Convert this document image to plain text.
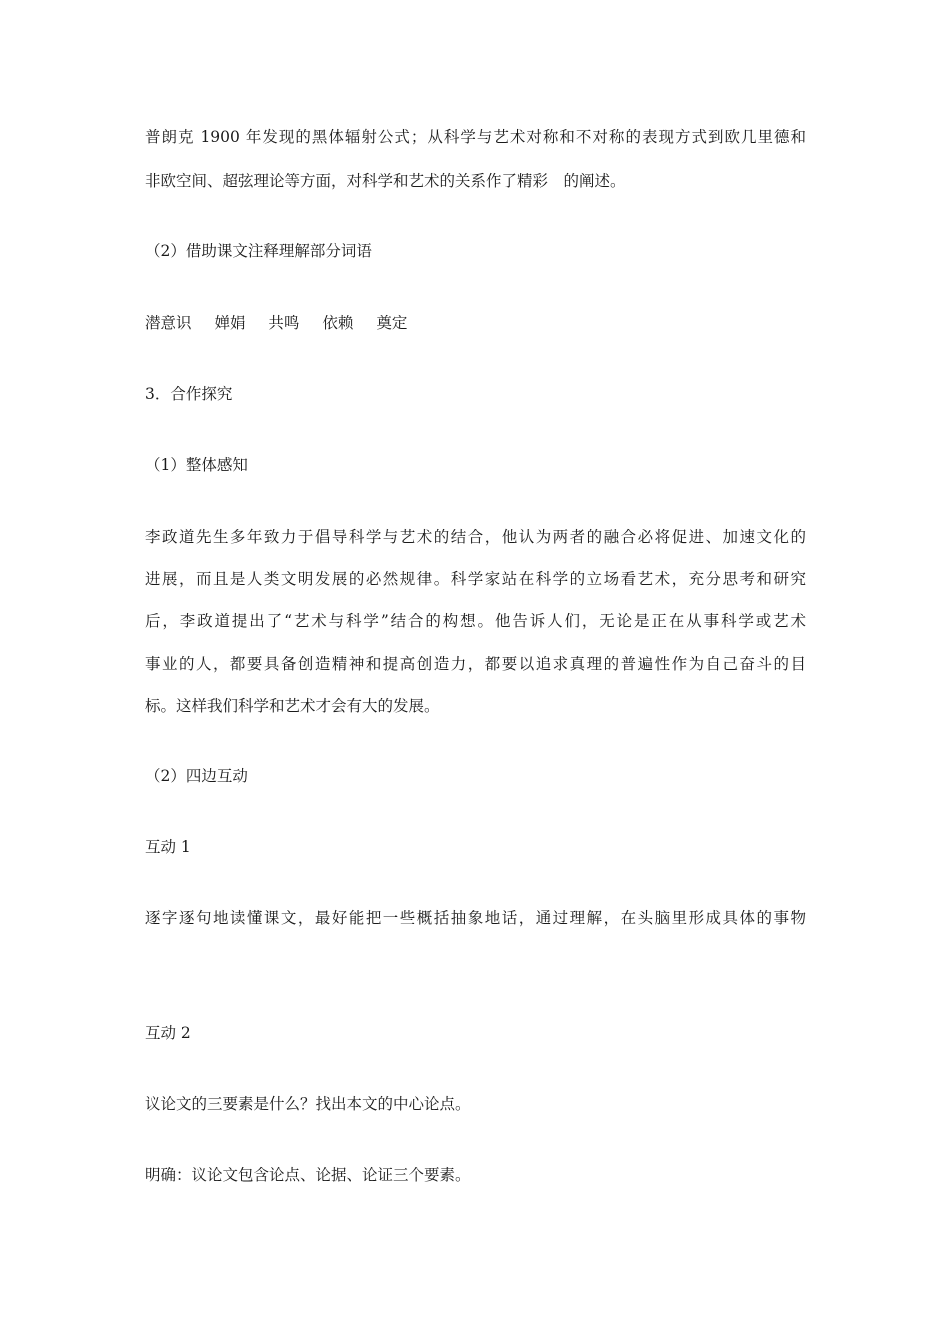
普朗克 1900 年发现的黑体辐射公式；从科学与艺术对称和不对称的表现方式到欧几里德和
非欧空间、超弦理论等方面，对科学和艺术的关系作了精彩　的阐述。
（2）借助课文注释理解部分词语
潜意识 婵娟 共鸣 依赖 奠定
3．合作探究
（1）整体感知
李政道先生多年致力于倡导科学与艺术的结合，他认为两者的融合必将促进、加速文化的
进展，而且是人类文明发展的必然规律。科学家站在科学的立场看艺术，充分思考和研究
后，李政道提出了“艺术与科学”结合的构想。他告诉人们，无论是正在从事科学或艺术
事业的人，都要具备创造精神和提高创造力，都要以追求真理的普遍性作为自己奋斗的目
标。这样我们科学和艺术才会有大的发展。
（2）四边互动
互动 1
逐字逐句地读懂课文，最好能把一些概括抽象地话，通过理解，在头脑里形成具体的事物
互动 2
议论文的三要素是什么？找出本文的中心论点。
明确：议论文包含论点、论据、论证三个要素。
